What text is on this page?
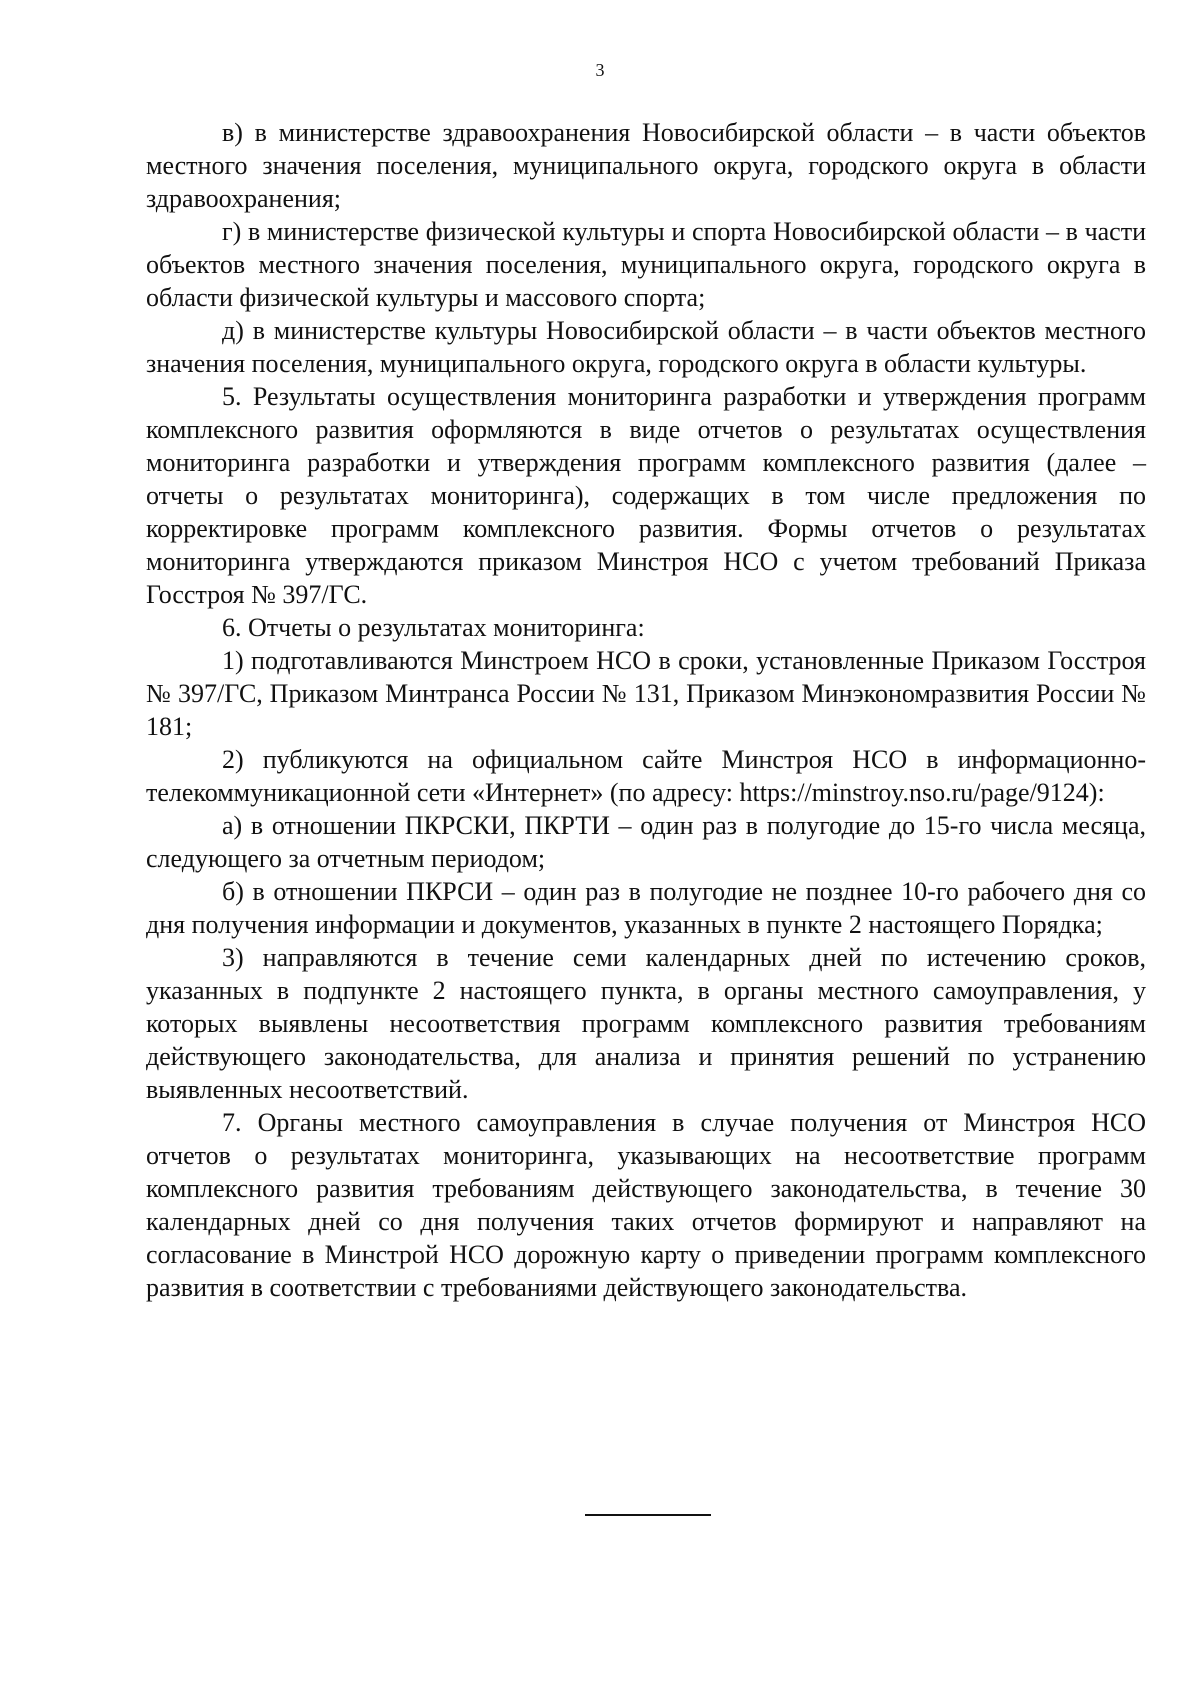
3

в) в министерстве здравоохранения Новосибирской области – в части объектов местного значения поселения, муниципального округа, городского округа в области здравоохранения;

г) в министерстве физической культуры и спорта Новосибирской области – в части объектов местного значения поселения, муниципального округа, городского округа в области физической культуры и массового спорта;

д) в министерстве культуры Новосибирской области – в части объектов местного значения поселения, муниципального округа, городского округа в области культуры.

5. Результаты осуществления мониторинга разработки и утверждения программ комплексного развития оформляются в виде отчетов о результатах осуществления мониторинга разработки и утверждения программ комплексного развития (далее – отчеты о результатах мониторинга), содержащих в том числе предложения по корректировке программ комплексного развития. Формы отчетов о результатах мониторинга утверждаются приказом Минстроя НСО с учетом требований Приказа Госстроя № 397/ГС.

6. Отчеты о результатах мониторинга:

1) подготавливаются Минстроем НСО в сроки, установленные Приказом Госстроя № 397/ГС, Приказом Минтранса России № 131, Приказом Минэкономразвития России № 181;

2) публикуются на официальном сайте Минстроя НСО в информационно-телекоммуникационной сети «Интернет» (по адресу: https://minstroy.nso.ru/page/9124):

а) в отношении ПКРСКИ, ПКРТИ – один раз в полугодие до 15-го числа месяца, следующего за отчетным периодом;

б) в отношении ПКРСИ – один раз в полугодие не позднее 10-го рабочего дня со дня получения информации и документов, указанных в пункте 2 настоящего Порядка;

3) направляются в течение семи календарных дней по истечению сроков, указанных в подпункте 2 настоящего пункта, в органы местного самоуправления, у которых выявлены несоответствия программ комплексного развития требованиям действующего законодательства, для анализа и принятия решений по устранению выявленных несоответствий.

7. Органы местного самоуправления в случае получения от Минстроя НСО отчетов о результатах мониторинга, указывающих на несоответствие программ комплексного развития требованиям действующего законодательства, в течение 30 календарных дней со дня получения таких отчетов формируют и направляют на согласование в Минстрой НСО дорожную карту о приведении программ комплексного развития в соответствии с требованиями действующего законодательства.
